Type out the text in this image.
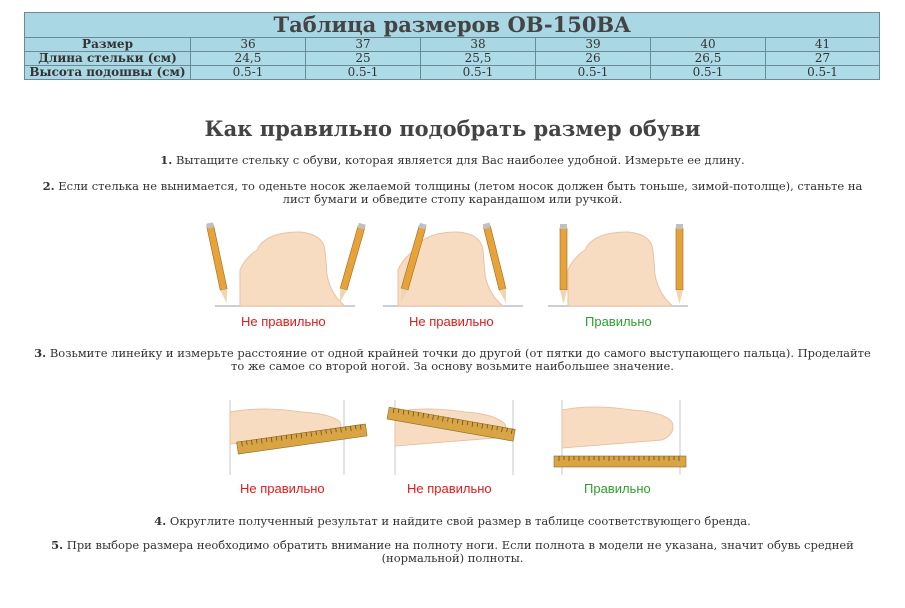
Таблица размеров OB-150BA						
Размер	36	37	38	39	40	41
Длина стельки (см)	24,5	25	25,5	26	26,5	27
Высота подошвы (см)	0.5-1	0.5-1	0.5-1	0.5-1	0.5-1	0.5-1
Как правильно подобрать размер обуви

1. Вытащите стельку с обуви, которая является для Вас наиболее удобной. Измерьте ее длину.

2. Если стелька не вынимается, то оденьте носок желаемой толщины (летом носок должен быть тоньше, зимой-потолще), станьте на лист бумаги и обведите стопу карандашом или ручкой.

Не правильно	Не правильно	Правильно

3. Возьмите линейку и измерьте расстояние от одной крайней точки до другой (от пятки до самого выступающего пальца). Проделайте то же самое со второй ногой. За основу возьмите наибольшее значение.

Не правильно	Не правильно	Правильно

4. Округлите полученный результат и найдите свой размер в таблице соответствующего бренда.

5. При выборе размера необходимо обратить внимание на полноту ноги. Если полнота в модели не указана, значит обувь средней (нормальной) полноты.
